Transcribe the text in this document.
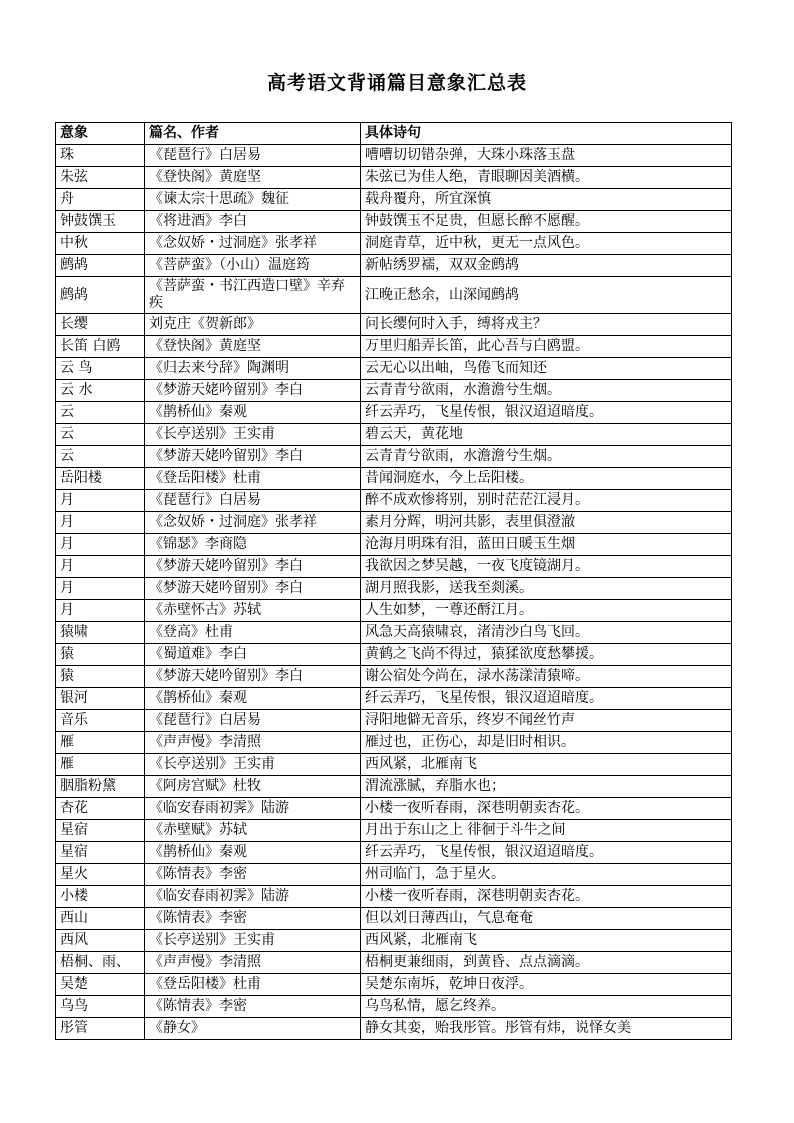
高考语文背诵篇目意象汇总表
意象	篇名、作者	具体诗句
珠	《琵琶行》白居易	嘈嘈切切错杂弹，大珠小珠落玉盘
朱弦	《登快阁》黄庭坚	朱弦已为佳人绝，青眼聊因美酒横。
舟	《谏太宗十思疏》魏征	载舟覆舟，所宜深慎
钟鼓馔玉	《将进酒》李白	钟鼓馔玉不足贵，但愿长醉不愿醒。
中秋	《念奴娇・过洞庭》张孝祥	洞庭青草，近中秋，更无一点风色。
鹧鸪	《菩萨蛮》（小山）温庭筠	新帖绣罗襦，双双金鹧鸪
鹧鸪	《菩萨蛮・书江西造口壁》辛弃疾	江晚正愁余，山深闻鹧鸪
长缨	刘克庄《贺新郎》	问长缨何时入手，缚将戎主？
长笛 白鸥	《登快阁》黄庭坚	万里归船弄长笛，此心吾与白鸥盟。
云 鸟	《归去来兮辞》陶渊明	云无心以出岫，鸟倦飞而知还
云 水	《梦游天姥吟留别》李白	云青青兮欲雨，水澹澹兮生烟。
云	《鹊桥仙》秦观	纤云弄巧，飞星传恨，银汉迢迢暗度。
云	《长亭送别》王实甫	碧云天，黄花地
云	《梦游天姥吟留别》李白	云青青兮欲雨，水澹澹兮生烟。
岳阳楼	《登岳阳楼》杜甫	昔闻洞庭水，今上岳阳楼。
月	《琵琶行》白居易	醉不成欢惨将别，别时茫茫江浸月。
月	《念奴娇・过洞庭》张孝祥	素月分辉，明河共影，表里俱澄澈
月	《锦瑟》李商隐	沧海月明珠有泪，蓝田日暖玉生烟
月	《梦游天姥吟留别》李白	我欲因之梦吴越，一夜飞度镜湖月。
月	《梦游天姥吟留别》李白	湖月照我影，送我至剡溪。
月	《赤壁怀古》苏轼	人生如梦，一尊还酹江月。
猿啸	《登高》杜甫	风急天高猿啸哀，渚清沙白鸟飞回。
猿	《蜀道难》李白	黄鹤之飞尚不得过，猿猱欲度愁攀援。
猿	《梦游天姥吟留别》李白	谢公宿处今尚在，渌水荡漾清猿啼。
银河	《鹊桥仙》秦观	纤云弄巧，飞星传恨，银汉迢迢暗度。
音乐	《琵琶行》白居易	浔阳地僻无音乐，终岁不闻丝竹声
雁	《声声慢》李清照	雁过也，正伤心，却是旧时相识。
雁	《长亭送别》王实甫	西风紧，北雁南飞
胭脂粉黛	《阿房宫赋》杜牧	渭流涨腻，弃脂水也；
杏花	《临安春雨初霁》陆游	小楼一夜听春雨，深巷明朝卖杏花。
星宿	《赤壁赋》苏轼	月出于东山之上 徘徊于斗牛之间
星宿	《鹊桥仙》秦观	纤云弄巧，飞星传恨，银汉迢迢暗度。
星火	《陈情表》李密	州司临门，急于星火。
小楼	《临安春雨初霁》陆游	小楼一夜听春雨，深巷明朝卖杏花。
西山	《陈情表》李密	但以刘日薄西山，气息奄奄
西风	《长亭送别》王实甫	西风紧，北雁南飞
梧桐、雨、	《声声慢》李清照	梧桐更兼细雨，到黄昏、点点滴滴。
吴楚	《登岳阳楼》杜甫	吴楚东南坼，乾坤日夜浮。
乌鸟	《陈情表》李密	乌鸟私情，愿乞终养。
彤管	《静女》	静女其娈，贻我彤管。彤管有炜，说怿女美
